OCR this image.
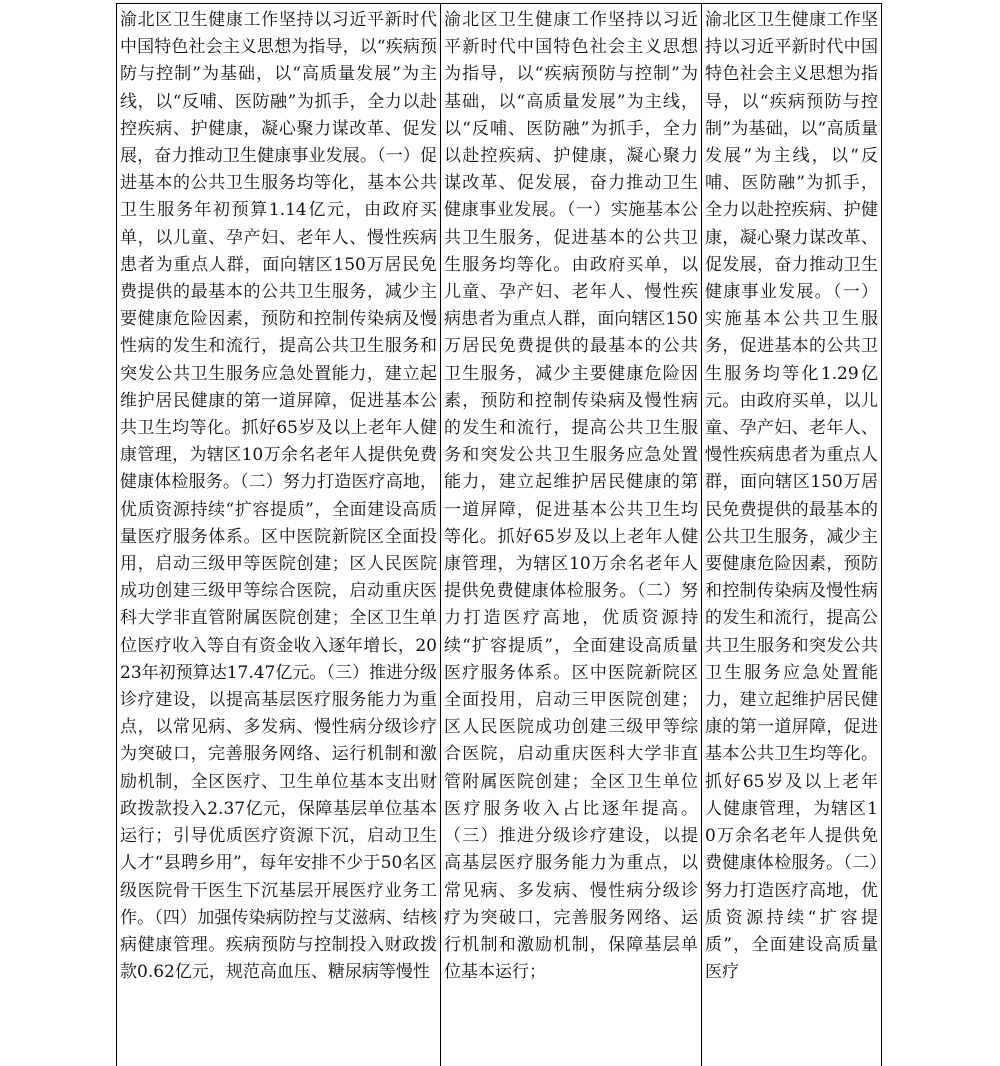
渝北区卫生健康工作坚持以习近平新时代中国特色社会主义思想为指导，以“疾病预防与控制”为基础，以“高质量发展”为主线，以“反哺、医防融”为抓手，全力以赴控疾病、护健康，凝心聚力谋改革、促发展，奋力推动卫生健康事业发展。（一）促进基本的公共卫生服务均等化，基本公共卫生服务年初预算1.14亿元，由政府买单，以儿童、孕产妇、老年人、慢性疾病患者为重点人群，面向辖区150万居民免费提供的最基本的公共卫生服务，减少主要健康危险因素，预防和控制传染病及慢性病的发生和流行，提高公共卫生服务和突发公共卫生服务应急处置能力，建立起维护居民健康的第一道屏障，促进基本公共卫生均等化。抓好65岁及以上老年人健康管理，为辖区10万余名老年人提供免费健康体检服务。（二）努力打造医疗高地，优质资源持续“扩容提质”，全面建设高质量医疗服务体系。区中医院新院区全面投用，启动三级甲等医院创建；区人民医院成功创建三级甲等综合医院，启动重庆医科大学非直管附属医院创建；全区卫生单位医疗收入等自有资金收入逐年增长，2023年初预算达17.47亿元。（三）推进分级诊疗建设，以提高基层医疗服务能力为重点，以常见病、多发病、慢性病分级诊疗为突破口，完善服务网络、运行机制和激励机制，全区医疗、卫生单位基本支出财政拨款投入2.37亿元，保障基层单位基本运行；引导优质医疗资源下沉，启动卫生人才“县聘乡用”，每年安排不少于50名区级医院骨干医生下沉基层开展医疗业务工作。（四）加强传染病防控与艾滋病、结核病健康管理。疾病预防与控制投入财政拨款0.62亿元，规范高血压、糖尿病等慢性
渝北区卫生健康工作坚持以习近平新时代中国特色社会主义思想为指导，以“疾病预防与控制”为基础，以“高质量发展”为主线，以“反哺、医防融”为抓手，全力以赴控疾病、护健康，凝心聚力谋改革、促发展，奋力推动卫生健康事业发展。（一）实施基本公共卫生服务，促进基本的公共卫生服务均等化。由政府买单，以儿童、孕产妇、老年人、慢性疾病患者为重点人群，面向辖区150万居民免费提供的最基本的公共卫生服务，减少主要健康危险因素，预防和控制传染病及慢性病的发生和流行，提高公共卫生服务和突发公共卫生服务应急处置能力，建立起维护居民健康的第一道屏障，促进基本公共卫生均等化。抓好65岁及以上老年人健康管理，为辖区10万余名老年人提供免费健康体检服务。（二）努力打造医疗高地，优质资源持续“扩容提质”，全面建设高质量医疗服务体系。区中医院新院区全面投用，启动三甲医院创建；区人民医院成功创建三级甲等综合医院，启动重庆医科大学非直管附属医院创建；全区卫生单位医疗服务收入占比逐年提高。（三）推进分级诊疗建设，以提高基层医疗服务能力为重点，以常见病、多发病、慢性病分级诊疗为突破口，完善服务网络、运行机制和激励机制，保障基层单位基本运行；
渝北区卫生健康工作坚持以习近平新时代中国特色社会主义思想为指导，以“疾病预防与控制”为基础，以“高质量发展”为主线，以“反哺、医防融”为抓手，全力以赴控疾病、护健康，凝心聚力谋改革、促发展，奋力推动卫生健康事业发展。（一）实施基本公共卫生服务，促进基本的公共卫生服务均等化1.29亿元。由政府买单，以儿童、孕产妇、老年人、慢性疾病患者为重点人群，面向辖区150万居民免费提供的最基本的公共卫生服务，减少主要健康危险因素，预防和控制传染病及慢性病的发生和流行，提高公共卫生服务和突发公共卫生服务应急处置能力，建立起维护居民健康的第一道屏障，促进基本公共卫生均等化。抓好65岁及以上老年人健康管理，为辖区10万余名老年人提供免费健康体检服务。（二）努力打造医疗高地，优质资源持续“扩容提质”，全面建设高质量医疗
